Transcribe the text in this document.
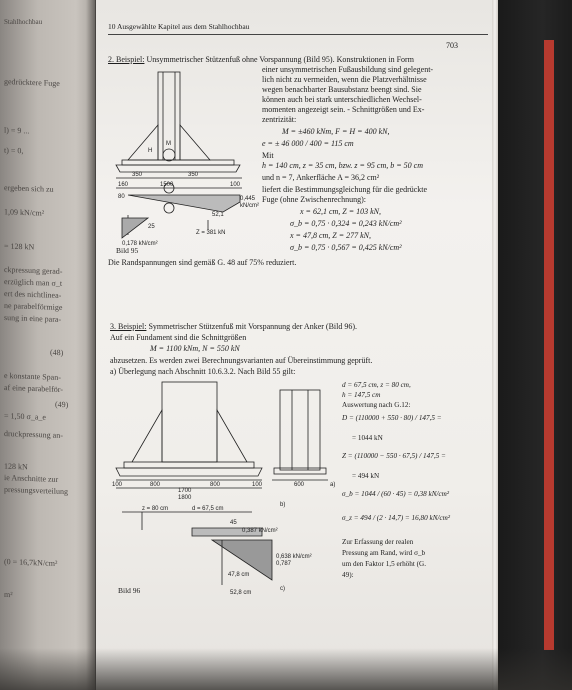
Stahlhochbau
gedrücktere Fuge
l) = 9 ...
t) = 0,
ergeben sich zu
1,09 kN/cm²
= 128 kN
ckpressung gerad-
erzüglich man σ_t
ert des nichtlinea-
ne parabelförmige
sung in eine para-
(48)
e konstante Span-
af eine parabelför-
(49)
= 1,50 σ_a_e
druckpressung an-
128 kN
ie Anschnitte zur
pressungsverteilung
(0 = 16,7kN/cm²
m²
10 Ausgewählte Kapitel aus dem Stahlhochbau
703
2. Beispiel: Unsymmetrischer Stützenfuß ohne Vorspannung (Bild 95). Konstruktionen in Form
einer unsymmetrischen Fußausbildung sind gelegent-
lich nicht zu vermeiden, wenn die Platzverhältnisse
wegen benachbarter Bausubstanz beengt sind. Sie
können auch bei stark unterschiedlichen Wechsel-
momenten angezeigt sein. - Schnittgrößen und Ex-
zentrizität:
M = ±460 kNm, F = H = 400 kN,
e = ± 46 000 / 400 = 115 cm
Mit
h = 140 cm, z = 35 cm, bzw. z = 95 cm, b = 50 cm
und n = 7, Ankerfläche A = 36,2 cm²
liefert die Bestimmungsgleichung für die gedrückte
Fuge (ohne Zwischenrechnung):
x = 62,1 cm, Z = 103 kN,
σ_b = 0,75 · 0,324 = 0,243 kN/cm²
x = 47,8 cm, Z = 277 kN,
σ_b = 0,75 · 0,567 = 0,425 kN/cm²
Die Randspannungen sind gemäß G. 48 auf 75% reduziert.
M
H
350
1500
350
100
160
80	0,445
kN/cm²
52,1
Z = 381 kN
0,178 kN/cm²
25
Bild 95
3. Beispiel: Symmetrischer Stützenfuß mit Vorspannung der Anker (Bild 96).
Auf ein Fundament sind die Schnittgrößen
M = 1100 kNm, N = 550 kN
abzusetzen. Es werden zwei Berechnungsvarianten auf Übereinstimmung geprüft.
a) Überlegung nach Abschnitt 10.6.3.2. Nach Bild 55 gilt:
d = 67,5 cm, z = 80 cm,
h = 147,5 cm
Auswertung nach G.12:
D = (110000 + 550 · 80) / 147,5 =
= 1044 kN
Z = (110000 − 550 · 67,5) / 147,5 =
= 494 kN
σ_b = 1044 / (60 · 45) = 0,38 kN/cm²
σ_z = 494 / (2 · 14,7) = 16,80 kN/cm²
Zur Erfassung der realen
Pressung am Rand, wird σ_b
um den Faktor 1,5 erhöht (G.
49):
100	800	800	100
1700
1800
600	a)
b)
z = 80 cm	d = 67,5 cm
45
0,387 kN/cm²
0,638 kN/cm²
0,787
47,8 cm
52,8 cm
c)
Bild 96
